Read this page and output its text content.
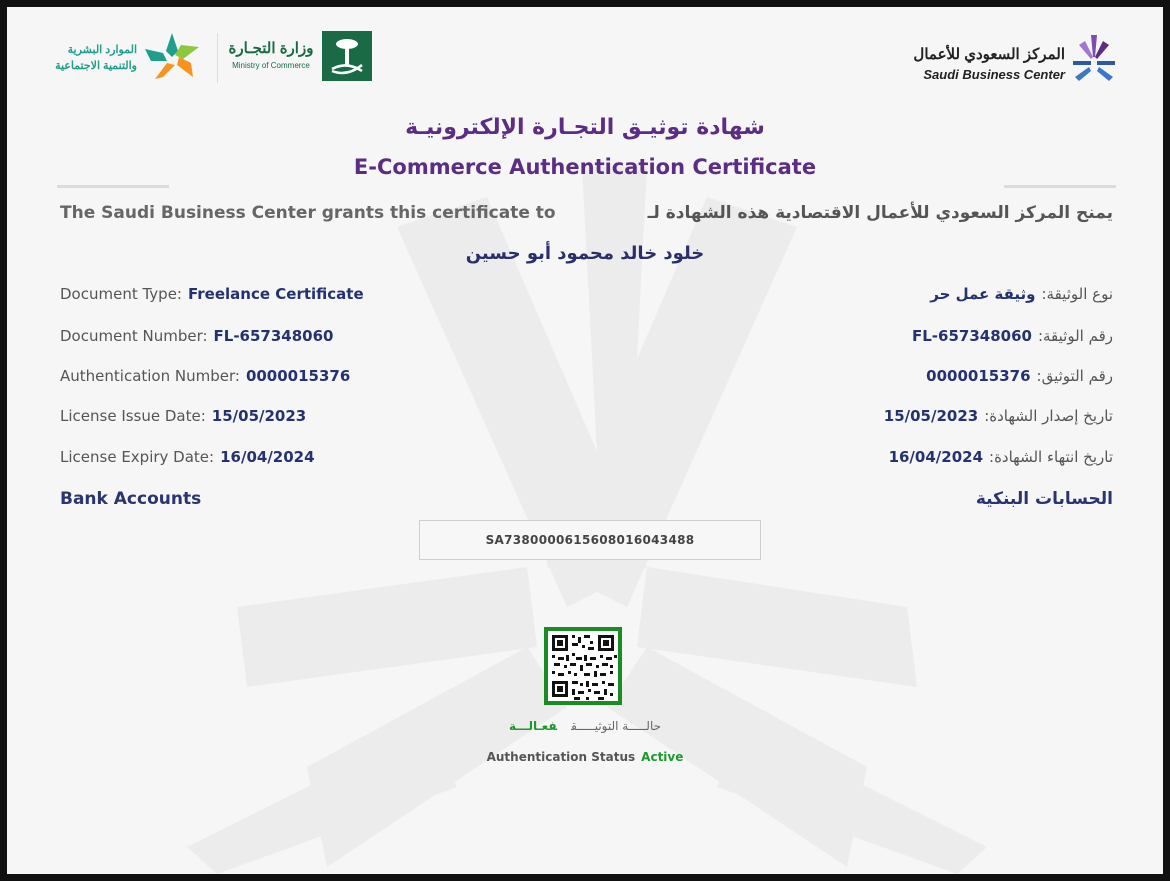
الموارد البشرية
والتنمية الاجتماعية
وزارة التجـارة
Ministry of Commerce
المركز السعودي للأعمال
Saudi Business Center
شهادة توثيـق التجـارة الإلكترونيـة
E-Commerce Authentication Certificate
The Saudi Business Center grants this certificate to	يمنح المركز السعودي للأعمال الاقتصادية هذه الشهادة لـ
خلود خالد محمود أبو حسين
Document Type: Freelance Certificate
Document Number: FL-657348060
Authentication Number: 0000015376
License Issue Date: 15/05/2023
License Expiry Date: 16/04/2024
نوع الوثيقة:وثيقة عمل حر
رقم الوثيقة:FL-657348060
رقم التوثيق:0000015376
تاريخ إصدار الشهادة:15/05/2023
تاريخ انتهاء الشهادة:16/04/2024
Bank Accounts	الحسابات البنكية
SA7380000615608016043488
حالـــــة التوثيـــــقفعـالـــة
Authentication Status Active
